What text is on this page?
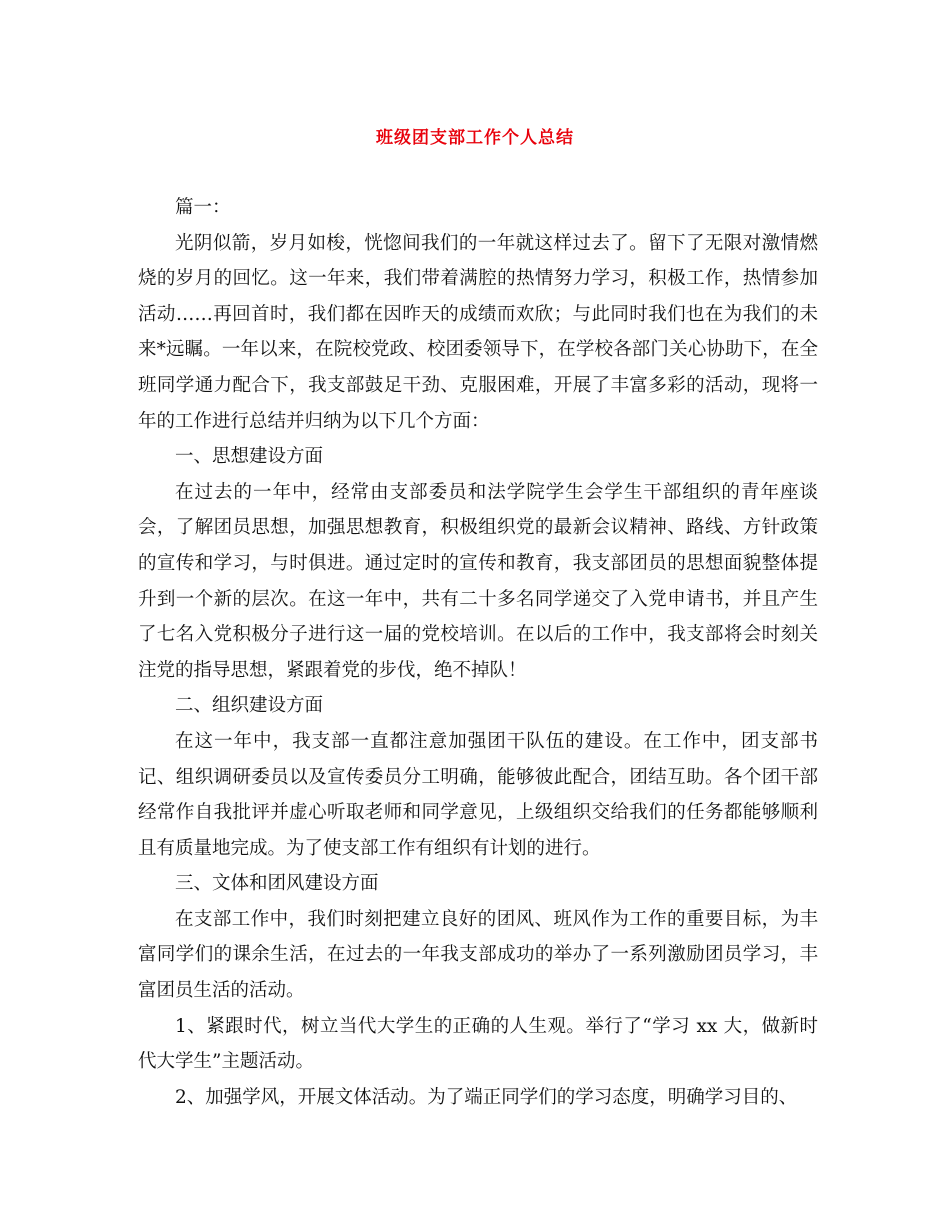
班级团支部工作个人总结

篇一：

光阴似箭，岁月如梭，恍惚间我们的一年就这样过去了。留下了无限对激情燃烧的岁月的回忆。这一年来，我们带着满腔的热情努力学习，积极工作，热情参加活动……再回首时，我们都在因昨天的成绩而欢欣；与此同时我们也在为我们的未来*远瞩。一年以来，在院校党政、校团委领导下，在学校各部门关心协助下，在全班同学通力配合下，我支部鼓足干劲、克服困难，开展了丰富多彩的活动，现将一年的工作进行总结并归纳为以下几个方面：

一、思想建设方面

在过去的一年中，经常由支部委员和法学院学生会学生干部组织的青年座谈会，了解团员思想，加强思想教育，积极组织党的最新会议精神、路线、方针政策的宣传和学习，与时俱进。通过定时的宣传和教育，我支部团员的思想面貌整体提升到一个新的层次。在这一年中，共有二十多名同学递交了入党申请书，并且产生了七名入党积极分子进行这一届的党校培训。在以后的工作中，我支部将会时刻关注党的指导思想，紧跟着党的步伐，绝不掉队！

二、组织建设方面

在这一年中，我支部一直都注意加强团干队伍的建设。在工作中，团支部书记、组织调研委员以及宣传委员分工明确，能够彼此配合，团结互助。各个团干部经常作自我批评并虚心听取老师和同学意见，上级组织交给我们的任务都能够顺利且有质量地完成。为了使支部工作有组织有计划的进行。

三、文体和团风建设方面

在支部工作中，我们时刻把建立良好的团风、班风作为工作的重要目标，为丰富同学们的课余生活，在过去的一年我支部成功的举办了一系列激励团员学习，丰富团员生活的活动。

1、紧跟时代，树立当代大学生的正确的人生观。举行了“学习 xx 大，做新时代大学生”主题活动。

2、加强学风，开展文体活动。为了端正同学们的学习态度，明确学习目的、
